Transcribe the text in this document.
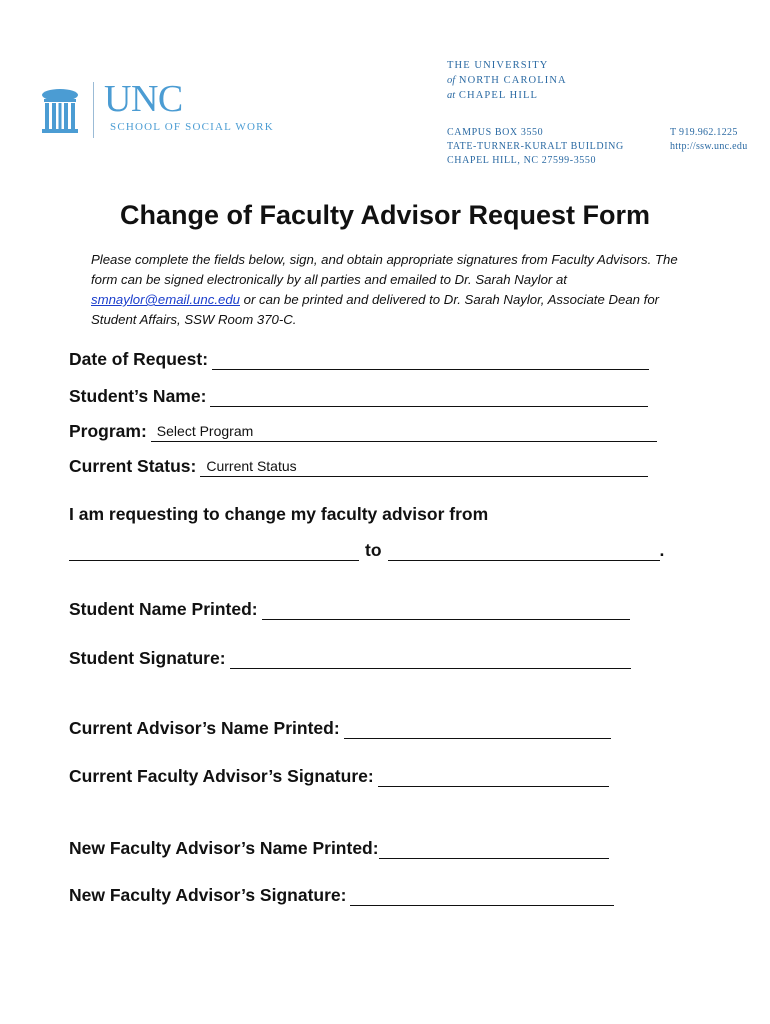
UNC
SCHOOL OF SOCIAL WORK
THE UNIVERSITY
of NORTH CAROLINA
at CHAPEL HILL
CAMPUS BOX 3550
TATE-TURNER-KURALT BUILDING
CHAPEL HILL, NC 27599-3550
T 919.962.1225
http://ssw.unc.edu
Change of Faculty Advisor Request Form
Please complete the fields below, sign, and obtain appropriate signatures from Faculty Advisors. The form can be signed electronically by all parties and emailed to Dr. Sarah Naylor at smnaylor@email.unc.edu or can be printed and delivered to Dr. Sarah Naylor, Associate Dean for Student Affairs, SSW Room 370-C.
Date of Request:
Student’s Name:
Program: Select Program
Current Status: Current Status
I am requesting to change my faculty advisor from
to	.
Student Name Printed:
Student Signature:
Current Advisor’s Name Printed:
Current Faculty Advisor’s Signature:
New Faculty Advisor’s Name Printed:
New Faculty Advisor’s Signature:
